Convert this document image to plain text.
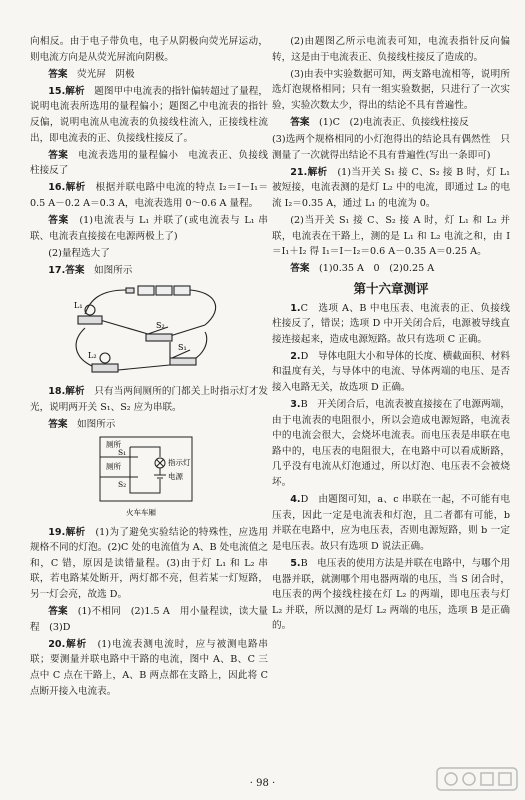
向相反。由于电子带负电，电子从阴极向荧光屏运动，则电流方向是从荧光屏流向阴极。

答案　 荧光屏　阴极

15.解析　 题图甲中电流表的指针偏转超过了量程，说明电流表所选用的量程偏小；题图乙中电流表的指针反偏，说明电流从电流表的负接线柱流入，正接线柱流出，即电流表的正、负接线柱接反了。

答案　 电流表选用的量程偏小　电流表正、负接线柱接反了

16.解析　 根据并联电路中电流的特点 I₂＝I－I₁＝0.5 A－0.2 A＝0.3 A，电流表选用 0～0.6 A 量程。

答案　 (1)电流表与 L₁ 并联了(或电流表与 L₁ 串联、电流表直接接在电源两极上了)

(2)量程选大了

17.答案　 如图所示

L₁
L₂
S₂
S₁

18.解析　 只有当两间厕所的门都关上时指示灯才发光，说明两开关 S₁、S₂ 应为串联。

答案　 如图所示

厕所
厕所
S₁
S₂
指示灯
电源
火车车厢

19.解析　 (1)为了避免实验结论的特殊性，应选用规格不同的灯泡。(2)C 处的电流值为 A、B 处电流值之和，C 错，原因是读错量程。(3)由于灯 L₁ 和 L₂ 串联，若电路某处断开，两灯都不亮，但若某一灯短路，另一灯会亮，故选 D。

答案　 (1)不相同　(2)1.5 A　用小量程读，读大量程　(3)D

20.解析　 (1)电流表测电流时，应与被测电路串联；要测量并联电路中干路的电流，图中 A、B、C 三点中 C 点在干路上，A、B 两点都在支路上，因此将 C 点断开接入电流表。

(2)由题图乙所示电流表可知，电流表指针反向偏转，这是由于电流表正、负接线柱接反了造成的。

(3)由表中实验数据可知，两支路电流相等，说明所选灯泡规格相同；只有一组实验数据，只进行了一次实验，实验次数太少，得出的结论不具有普遍性。

答案　 (1)C　(2)电流表正、负接线柱接反

(3)选两个规格相同的小灯泡得出的结论具有偶然性　只测量了一次就得出结论不具有普遍性(写出一条即可)

21.解析　 (1)当开关 S₁ 接 C、S₂ 接 B 时，灯 L₁ 被短接，电流表测的是灯 L₂ 中的电流，即通过 L₂ 的电流 I₂＝0.35 A，通过 L₁ 的电流为 0。

(2)当开关 S₁ 接 C、S₂ 接 A 时，灯 L₁ 和 L₂ 并联，电流表在干路上，测的是 L₁ 和 L₂ 电流之和，由 I＝I₁＋I₂ 得 I₁＝I－I₂＝0.6 A－0.35 A＝0.25 A。

答案　 (1)0.35 A　0　(2)0.25 A

第十六章测评

1.C　选项 A、B 中电压表、电流表的正、负接线柱接反了，错误；选项 D 中开关闭合后，电源被导线直接连接起来，造成电源短路。故只有选项 C 正确。

2.D　导体电阻大小和导体的长度、横截面积、材料和温度有关，与导体中的电流、导体两端的电压、是否接入电路无关，故选项 D 正确。

3.B　开关闭合后，电流表被直接接在了电源两端，由于电流表的电阻很小，所以会造成电源短路，电流表中的电流会很大，会烧坏电流表。而电压表是串联在电路中的，电压表的电阻很大，在电路中可以看成断路，几乎没有电流从灯泡通过，所以灯泡、电压表不会被烧坏。

4.D　由题图可知，a、c 串联在一起，不可能有电压表，因此一定是电流表和灯泡，且二者都有可能，b 并联在电路中，应为电压表，否则电源短路，则 b 一定是电压表。故只有选项 D 说法正确。

5.B　电压表的使用方法是并联在电路中，与哪个用电器并联，就测哪个用电器两端的电压，当 S 闭合时，电压表的两个接线柱接在灯 L₂ 的两端，即电压表与灯 L₂ 并联，所以测的是灯 L₂ 两端的电压，选项 B 是正确的。

· 98 ·
